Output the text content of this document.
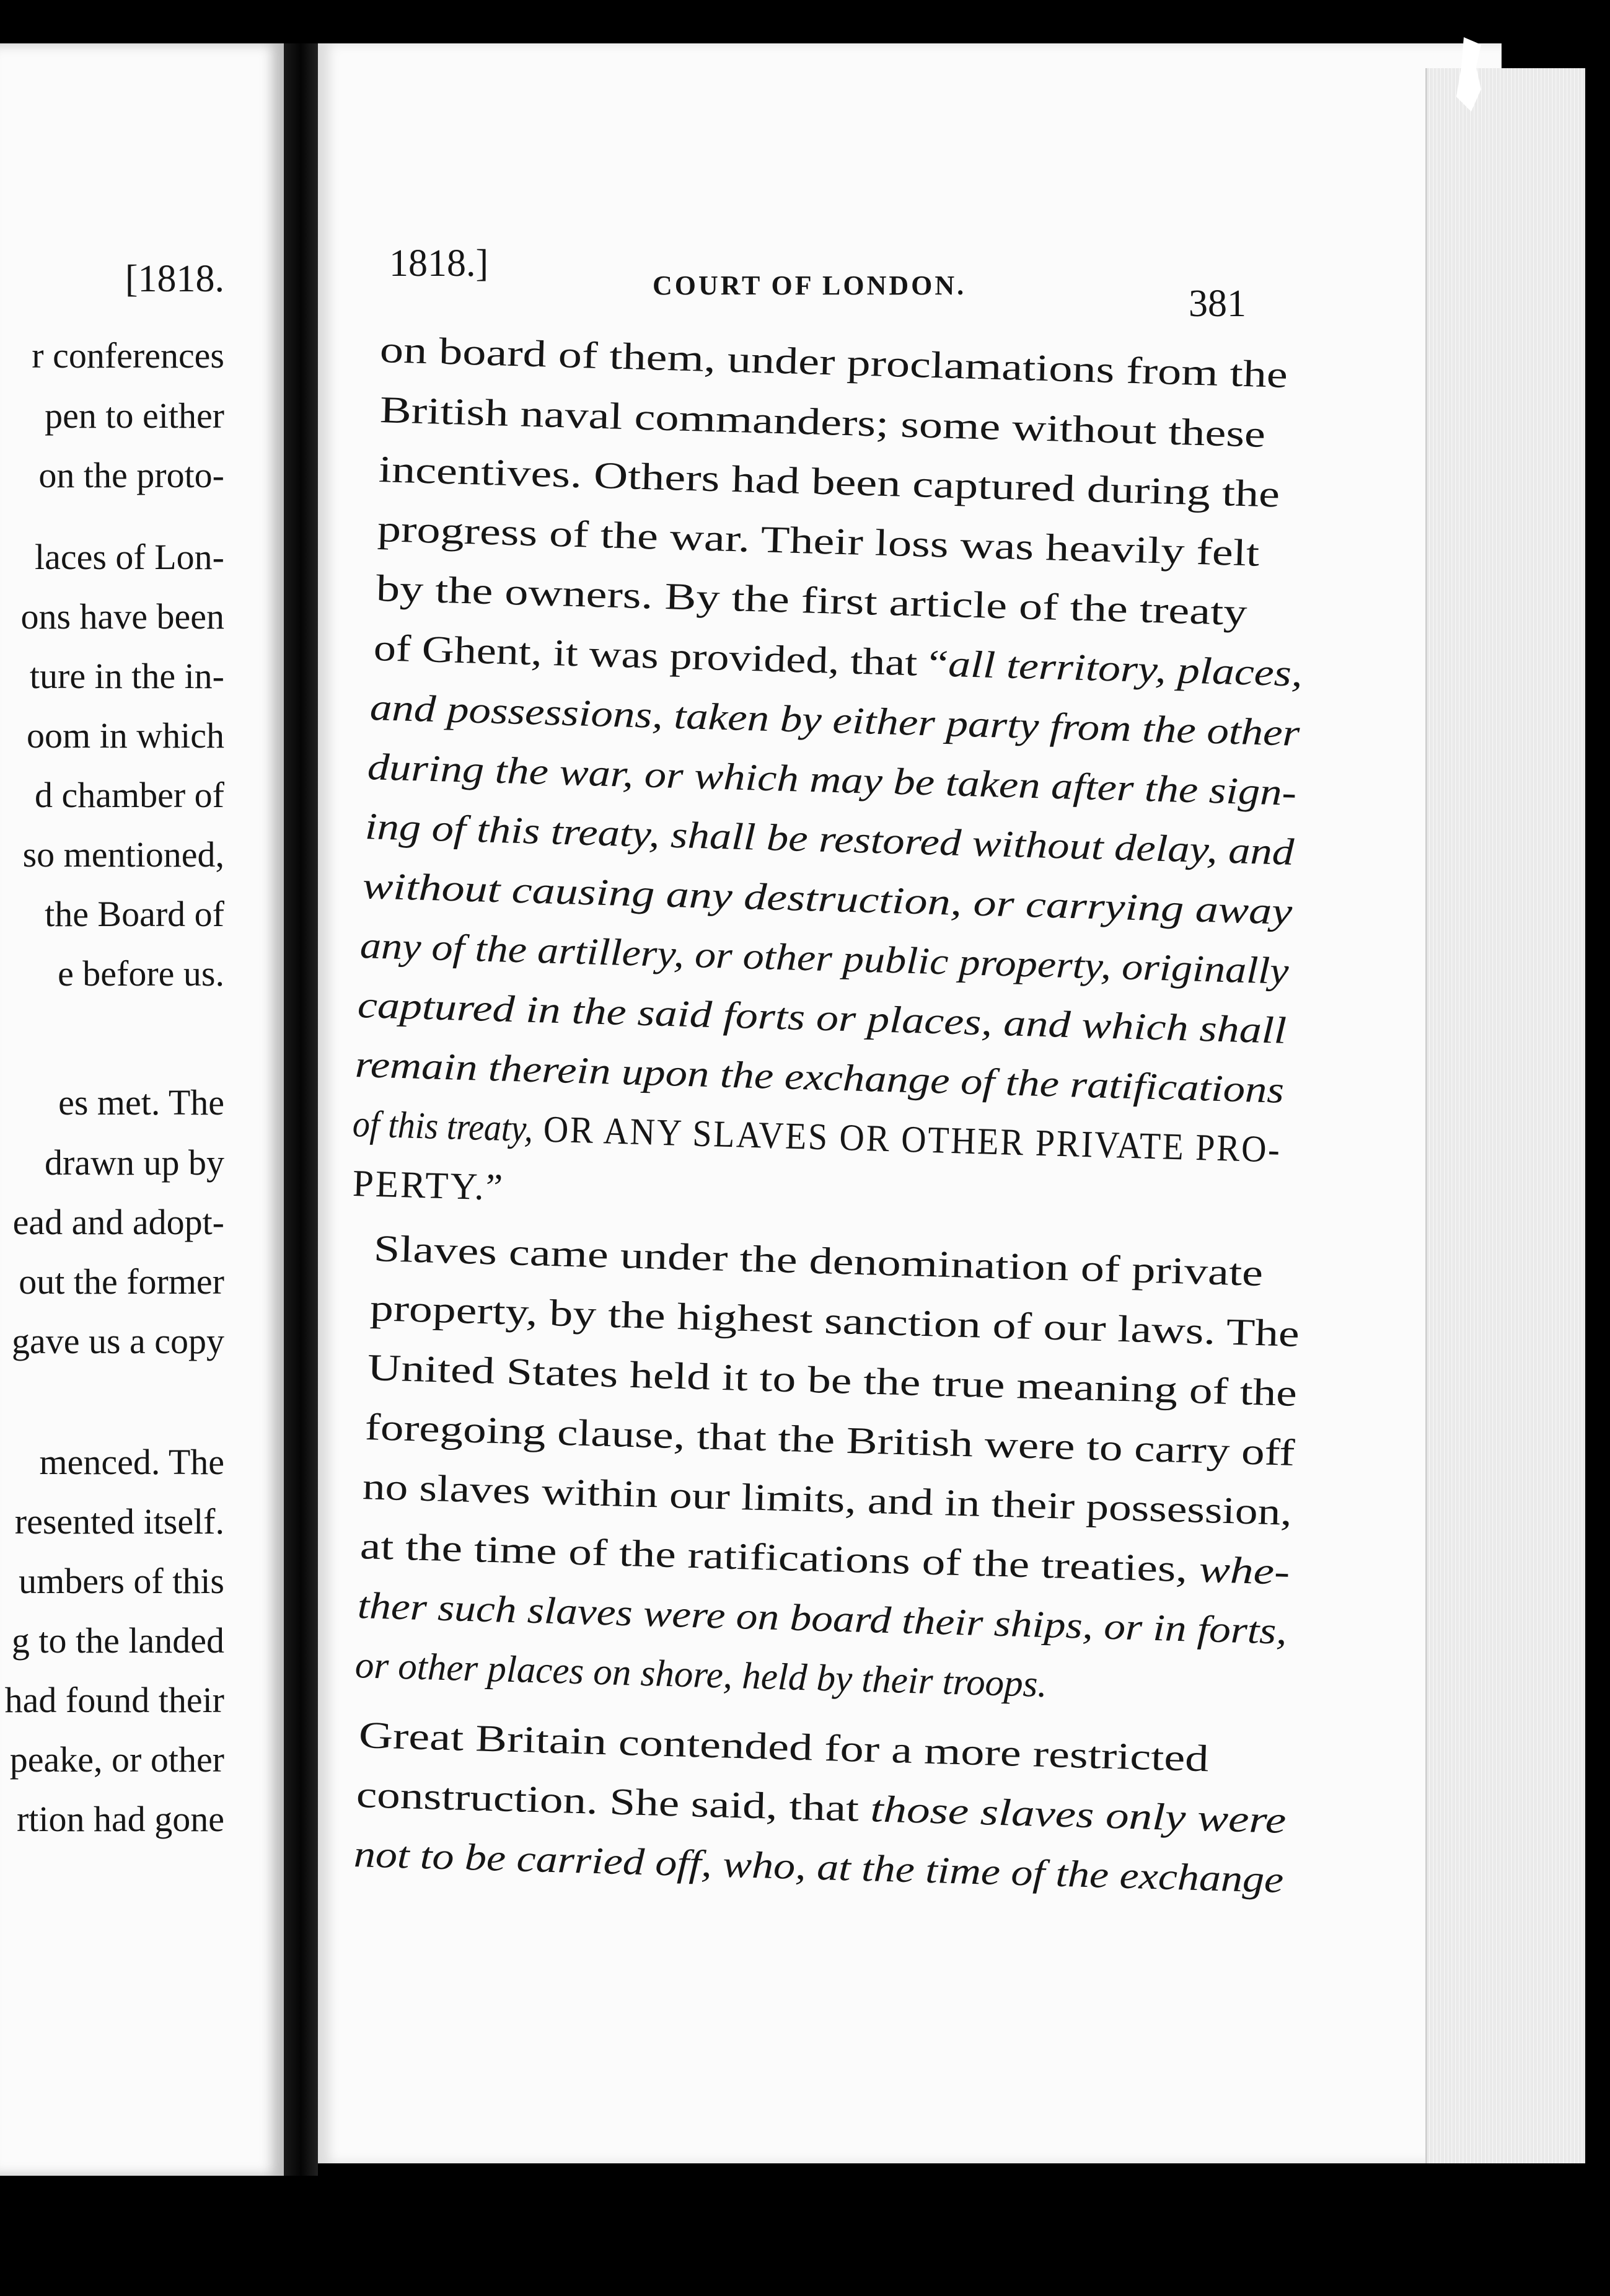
[1818.
r conferences
pen to either
on the proto-
laces of Lon-
ons have been
ture in the in-
oom in which
d chamber of
so mentioned,
the Board of
e before us.
es met. The
drawn up by
ead and adopt-
out the former
gave us a copy
menced. The
resented itself.
umbers of this
g to the landed
had found their
peake, or other
rtion had gone
1818.]
COURT OF LONDON.	381
on board of them, under proclamations from the
British naval commanders; some without these
incentives. Others had been captured during the
progress of the war. Their loss was heavily felt
by the owners. By the first article of the treaty
of Ghent, it was provided, that “all territory, places,
and possessions, taken by either party from the other
during the war, or which may be taken after the sign-
ing of this treaty, shall be restored without delay, and
without causing any destruction, or carrying away
any of the artillery, or other public property, originally
captured in the said forts or places, and which shall
remain therein upon the exchange of the ratifications
of this treaty, OR ANY SLAVES OR OTHER PRIVATE PRO-
PERTY.”
Slaves came under the denomination of private
property, by the highest sanction of our laws. The
United States held it to be the true meaning of the
foregoing clause, that the British were to carry off
no slaves within our limits, and in their possession,
at the time of the ratifications of the treaties, whe-
ther such slaves were on board their ships, or in forts,
or other places on shore, held by their troops.
Great Britain contended for a more restricted
construction. She said, that those slaves only were
not to be carried off, who, at the time of the exchange
